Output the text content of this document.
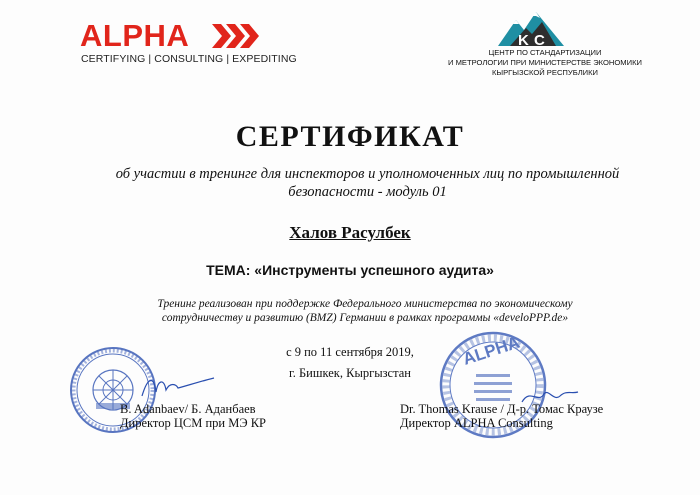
ALPHA
CERTIFYING | CONSULTING | EXPEDITING
K C
ЦЕНТР ПО СТАНДАРТИЗАЦИИ
И МЕТРОЛОГИИ ПРИ МИНИСТЕРСТВЕ ЭКОНОМИКИ
КЫРГЫЗСКОЙ РЕСПУБЛИКИ
СЕРТИФИКАТ
об участии в тренинге для инспекторов и уполномоченных лиц по промышленной безопасности - модуль 01
Халов Расулбек
ТЕМА: «Инструменты успешного аудита»
Тренинг реализован при поддержке Федерального министерства по экономическому сотрудничеству и развитию (BMZ) Германии в рамках программы «develoPPP.de»
с 9 по 11 сентября 2019,
г. Бишкек, Кыргызстан
ALPHA
B. Adanbaev/ Б. Аданбаев
Директор ЦСМ при МЭ КР
Dr. Thomas Krause / Д-р. Томас Краузе
Директор ALPHA Consulting
